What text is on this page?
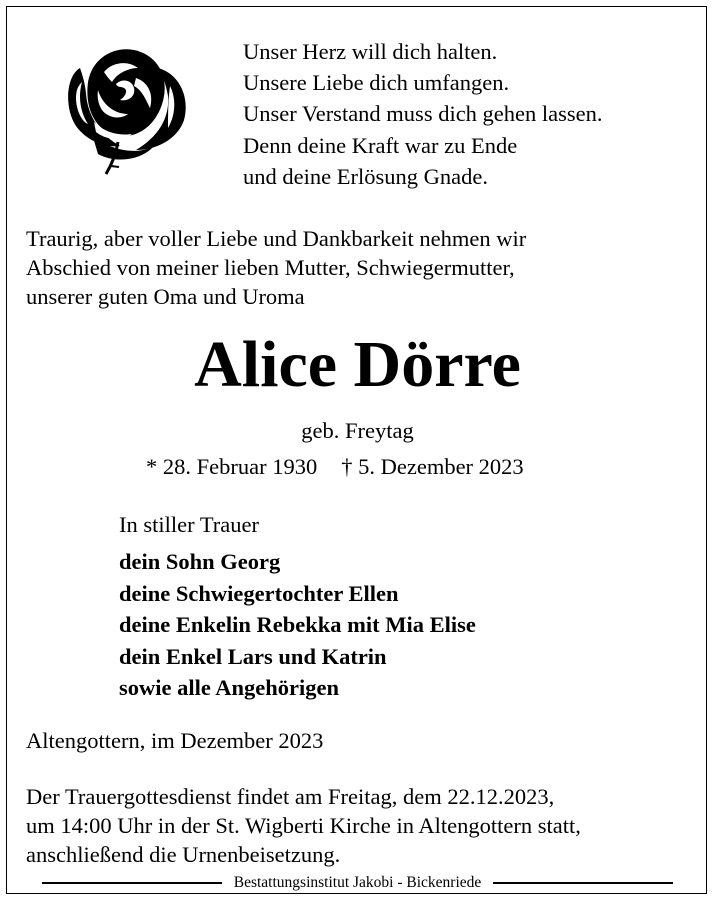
Unser Herz will dich halten.
Unsere Liebe dich umfangen.
Unser Verstand muss dich gehen lassen.
Denn deine Kraft war zu Ende
und deine Erlösung Gnade.
Traurig, aber voller Liebe und Dankbarkeit nehmen wir
Abschied von meiner lieben Mutter, Schwiegermutter,
unserer guten Oma und Uroma
Alice Dörre
geb. Freytag
* 28. Februar 1930 † 5. Dezember 2023
In stiller Trauer
dein Sohn Georg
deine Schwiegertochter Ellen
deine Enkelin Rebekka mit Mia Elise
dein Enkel Lars und Katrin
sowie alle Angehörigen
Altengottern, im Dezember 2023
Der Trauergottesdienst findet am Freitag, dem 22.12.2023,
um 14:00 Uhr in der St. Wigberti Kirche in Altengottern statt,
anschließend die Urnenbeisetzung.
Bestattungsinstitut Jakobi - Bickenriede
